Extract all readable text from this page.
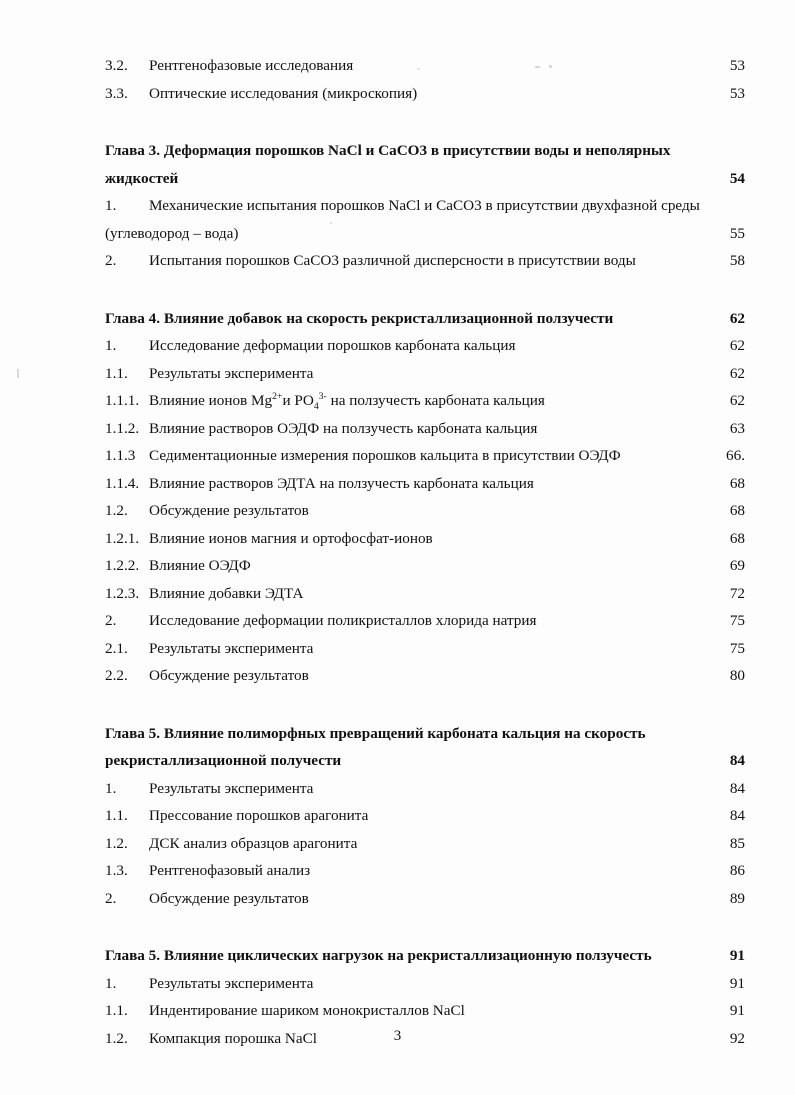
3.2.	Рентгенофазовые исследования	53
3.3.	Оптические исследования (микроскопия)	53
Глава 3. Деформация порошков NaCl и CaCO3 в присутствии воды и неполярных
жидкостей	54
1.	Механические испытания порошков NaCl и CaCO3 в присутствии двухфазной среды
(углеводород – вода)	55
2.	Испытания порошков CaCO3 различной дисперсности в присутствии воды	58
Глава 4. Влияние добавок на скорость рекристаллизационной ползучести	62
1.	Исследование деформации порошков карбоната кальция	62
1.1.	Результаты эксперимента	62
1.1.1. Влияние ионов $Mg^{2+}и$ $PO_4^{3-}$ на ползучесть карбоната кальция	62
1.1.2. Влияние растворов ОЭДФ на ползучесть карбоната кальция	63
1.1.3 Седиментационные измерения порошков кальцита в присутствии ОЭДФ	66.
1.1.4. Влияние растворов ЭДТА на ползучесть карбоната кальция	68
1.2.	Обсуждение результатов	68
1.2.1. Влияние ионов магния и ортофосфат-ионов	68
1.2.2. Влияние ОЭДФ	69
1.2.3. Влияние добавки ЭДТА	72
2.	Исследование деформации поликристаллов хлорида натрия	75
2.1.	Результаты эксперимента	75
2.2.	Обсуждение результатов	80
Глава 5. Влияние полиморфных превращений карбоната кальция на скорость
рекристаллизационной получести	84
1.	Результаты эксперимента	84
1.1.	Прессование порошков арагонита	84
1.2.	ДСК анализ образцов арагонита	85
1.3.	Рентгенофазовый анализ	86
2.	Обсуждение результатов	89
Глава 5. Влияние циклических нагрузок на рекристаллизационную ползучесть	91
1.	Результаты эксперимента	91
1.1.	Индентирование шариком монокристаллов NaCl	91
1.2.	Компакция порошка NaCl	92
3
